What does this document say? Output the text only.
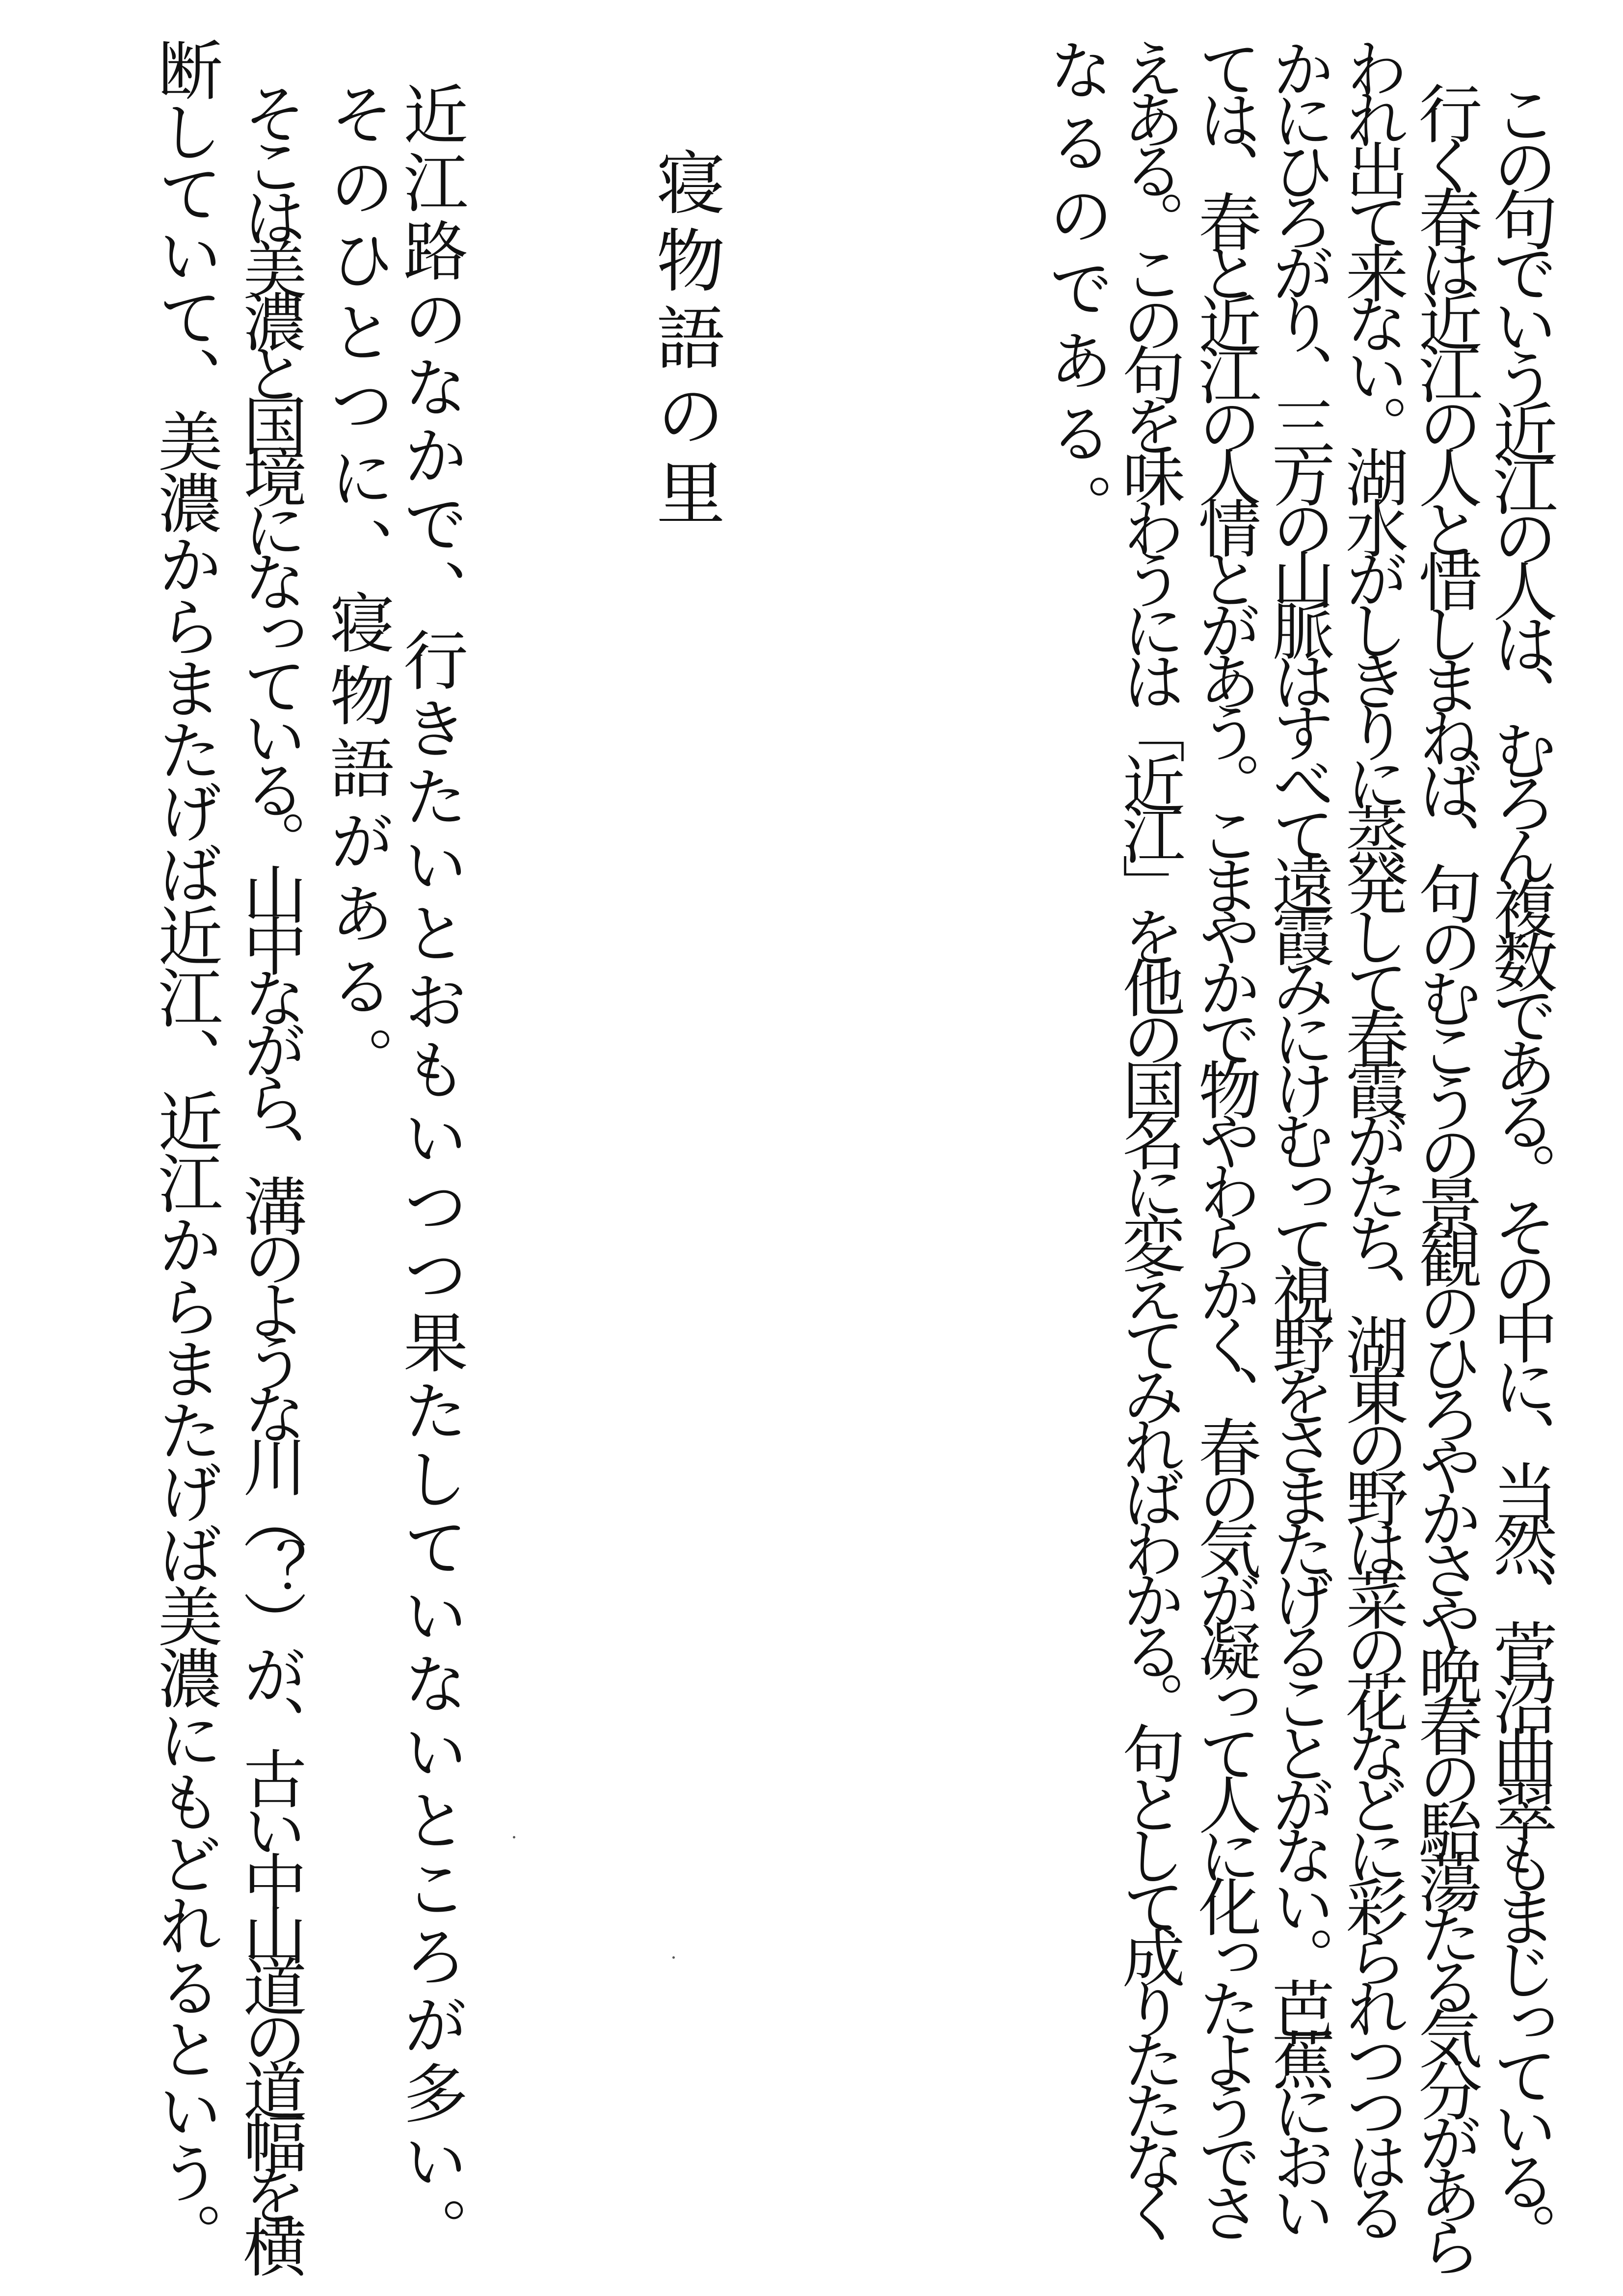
この句でいう近江の人は、むろん複数である。その中に、当然、菅沼曲翠もまじっている。
行く春は近江の人と惜しまねば、句のむこうの景観のひろやかさや晩春の駘蕩たる気分があら
われ出て来ない。湖水がしきりに蒸発して春霞がたち、湖東の野は菜の花などに彩られつつはる
かにひろがり、三方の山脈はすべて遠霞みにけむって視野をさまたげることがない。芭蕉におい
ては、春と近江の人情とがあう。こまやかで物やわらかく、春の気が凝って人に化ったようでさ
えある。この句を味わうには「近江」を他の国名に変えてみればわかる。句として成りたたなく
なるのである。
寝物語の里
近江路のなかで、行きたいとおもいつつ果たしていないところが多い。
そのひとつに、寝物語がある。
そこは美濃と国境になっている。山中ながら、溝のような川（？）が、古い中山道の道幅を横
断していて、美濃からまたげば近江、近江からまたげば美濃にもどれるという。
